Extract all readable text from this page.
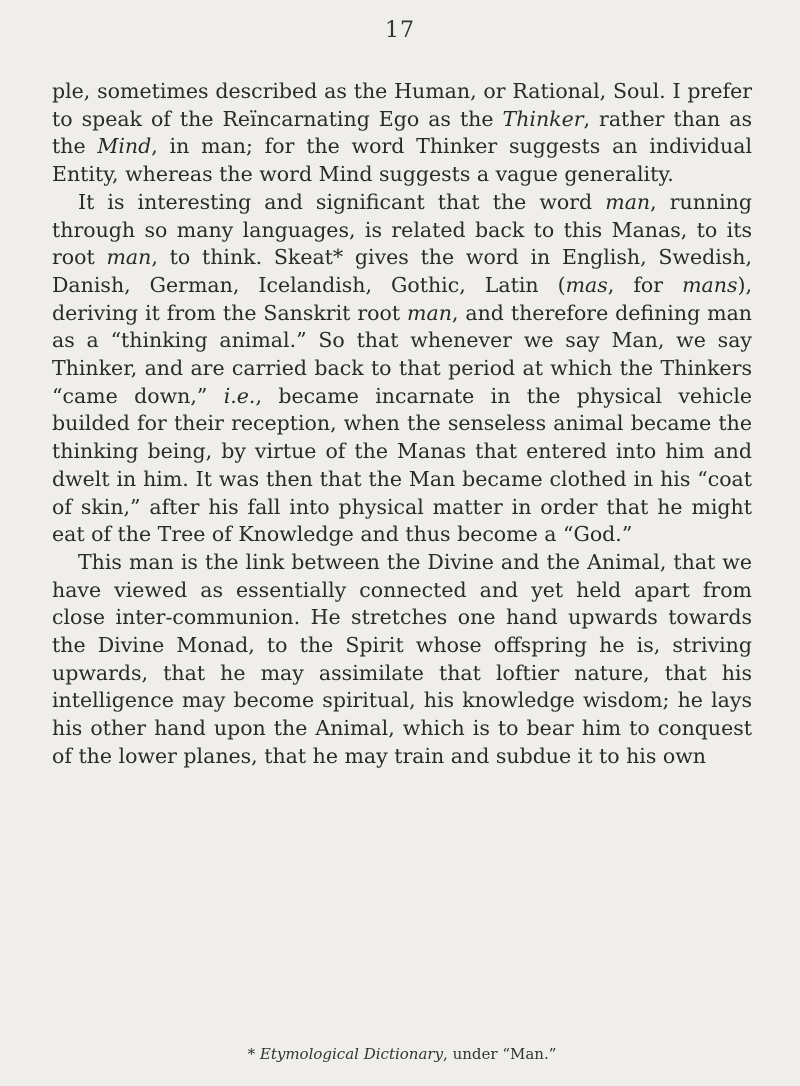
17

ple, sometimes described as the Human, or Rational, Soul. I prefer to speak of the Reïncarnating Ego as the Thinker, rather than as the Mind, in man; for the word Thinker suggests an individual Entity, whereas the word Mind suggests a vague generality.

It is interesting and significant that the word man, running through so many languages, is related back to this Manas, to its root man, to think. Skeat* gives the word in English, Swedish, Danish, German, Icelandish, Gothic, Latin (mas, for mans), deriving it from the Sanskrit root man, and therefore defining man as a “thinking animal.” So that whenever we say Man, we say Thinker, and are carried back to that period at which the Thinkers “came down,” i.e., became incarnate in the physical vehicle builded for their reception, when the senseless animal became the thinking being, by virtue of the Manas that entered into him and dwelt in him. It was then that the Man became clothed in his “coat of skin,” after his fall into physical matter in order that he might eat of the Tree of Knowledge and thus become a “God.”

This man is the link between the Divine and the Animal, that we have viewed as essentially connected and yet held apart from close inter-communion. He stretches one hand upwards towards the Divine Monad, to the Spirit whose offspring he is, striving upwards, that he may assimilate that loftier nature, that his intelligence may become spiritual, his knowledge wisdom; he lays his other hand upon the Animal, which is to bear him to conquest of the lower planes, that he may train and subdue it to his own

* Etymological Dictionary, under “Man.”
